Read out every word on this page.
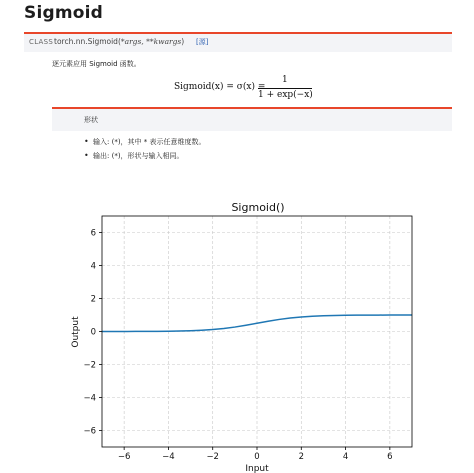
Sigmoid
CLASS torch.nn.Sigmoid(*args, **kwargs) [源]
逐元素应用 Sigmoid 函数。
Sigmoid(x) = σ(x) =
1
1 + exp(−x)
形状
• 输入: (*)，其中 * 表示任意维度数。
• 输出: (*)，形状与输入相同。
Sigmoid()
−6	−4	−2	0	2	4	6
−6
−4
−2
0
2
4
6
Input
Output
